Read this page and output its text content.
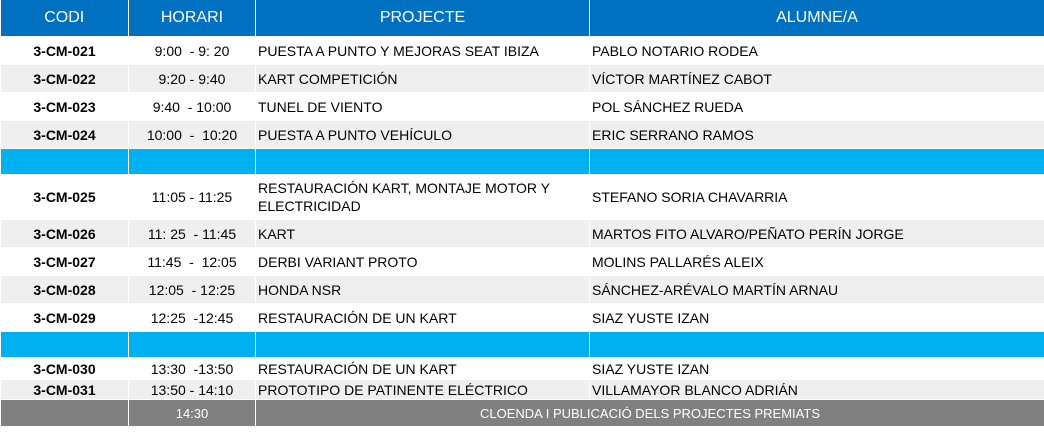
CODI	HORARI	PROJECTE	ALUMNE/A
3-CM-021	9:00  - 9: 20	PUESTA A PUNTO Y MEJORAS SEAT IBIZA	PABLO NOTARIO RODEA
3-CM-022	9:20 - 9:40	KART COMPETICIÓN	VÍCTOR MARTÍNEZ CABOT
3-CM-023	9:40  - 10:00	TUNEL DE VIENTO	POL SÁNCHEZ RUEDA
3-CM-024	10:00  -  10:20	PUESTA A PUNTO VEHÍCULO	ERIC SERRANO RAMOS

3-CM-025	11:05 - 11:25	RESTAURACIÓN KART, MONTAJE MOTOR Y ELECTRICIDAD	STEFANO SORIA CHAVARRIA
3-CM-026	11: 25  - 11:45	KART	MARTOS FITO ALVARO/PEÑATO PERÍN JORGE
3-CM-027	11:45  -  12:05	DERBI VARIANT PROTO	MOLINS PALLARÉS ALEIX
3-CM-028	12:05  - 12:25	HONDA NSR	SÁNCHEZ-ARÉVALO MARTÍN ARNAU
3-CM-029	12:25  -12:45	RESTAURACIÓN DE UN KART	SIAZ YUSTE IZAN

3-CM-030	13:30  -13:50	RESTAURACIÓN DE UN KART	SIAZ YUSTE IZAN
3-CM-031	13:50 - 14:10	PROTOTIPO DE PATINENTE ELÉCTRICO	VILLAMAYOR BLANCO ADRIÁN
	14:30	CLOENDA I PUBLICACIÓ DELS PROJECTES PREMIATS	
